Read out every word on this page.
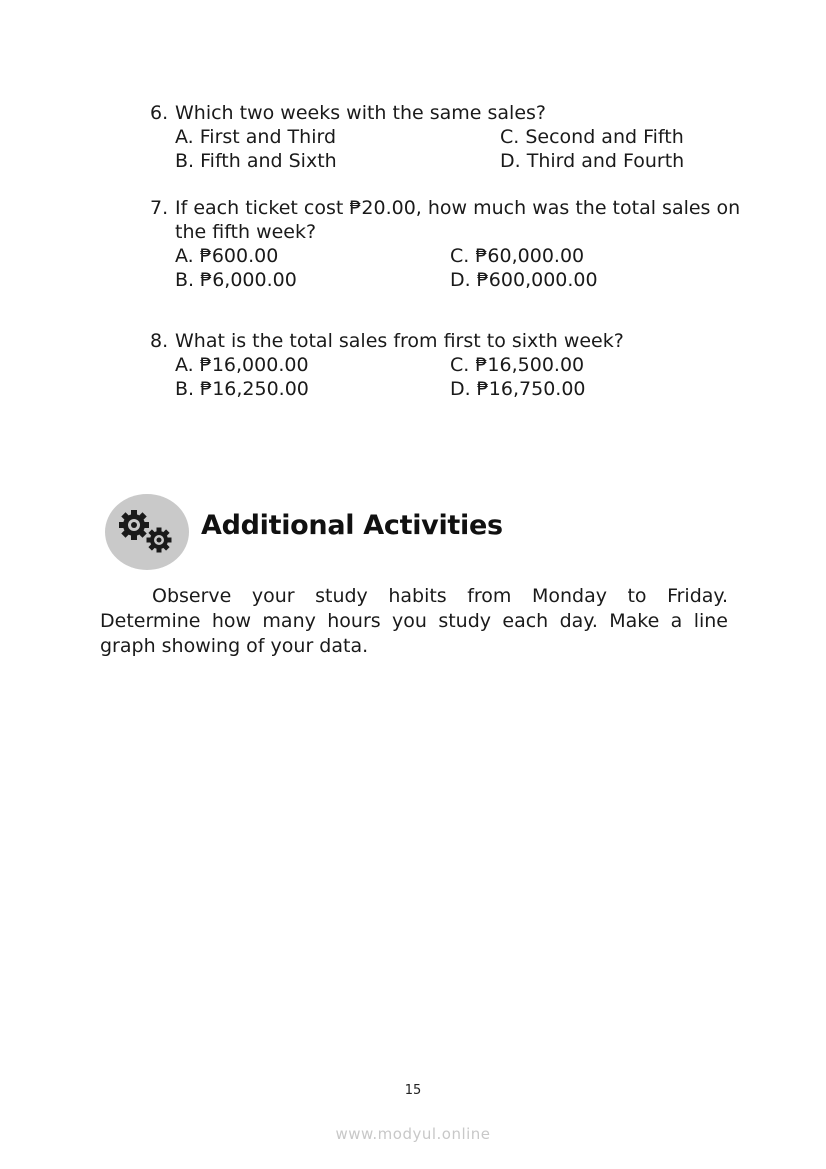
6. Which two weeks with the same sales?
A. First and Third
B. Fifth and Sixth
C. Second and Fifth
D. Third and Fourth
7. If each ticket cost ₱20.00, how much was the total sales on
the fifth week?
A. ₱600.00
B. ₱6,000.00
C. ₱60,000.00
D. ₱600,000.00
8. What is the total sales from first to sixth week?
A. ₱16,000.00
B. ₱16,250.00
C. ₱16,500.00
D. ₱16,750.00
Additional Activities
Observe your study habits from Monday to Friday. Determine how many hours you study each day. Make a line graph showing of your data.
15
www.modyul.online
